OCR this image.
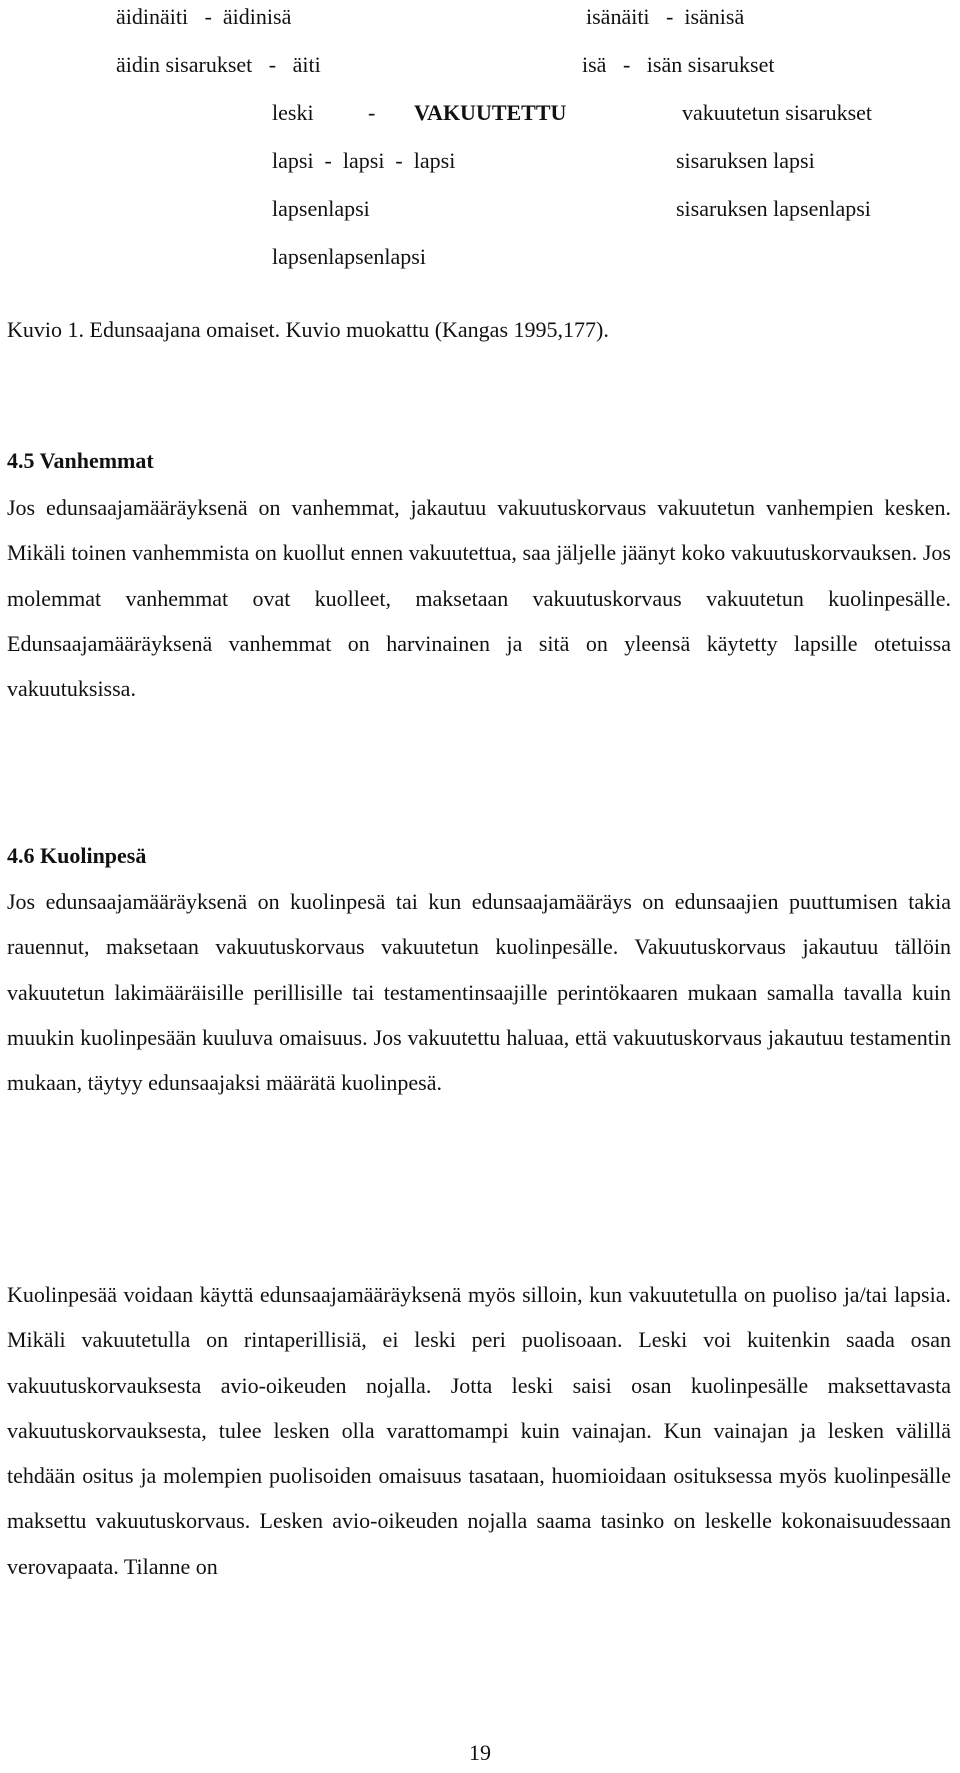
äidinäiti   -  äidinisä	isänäiti   -  isänisä
äidin sisarukset   -   äiti	isä   -   isän sisarukset
leski - VAKUUTETTU	vakuutetun sisarukset
lapsi  -  lapsi  -  lapsi	sisaruksen lapsi
lapsenlapsi	sisaruksen lapsenlapsi
lapsenlapsenlapsi
Kuvio 1. Edunsaajana omaiset. Kuvio muokattu (Kangas 1995,177).
4.5 Vanhemmat

Jos edunsaajamääräyksenä on vanhemmat, jakautuu vakuutuskorvaus vakuutetun vanhempien kesken. Mikäli toinen vanhemmista on kuollut ennen vakuutettua, saa jäljelle jäänyt koko vakuutuskorvauksen. Jos molemmat vanhemmat ovat kuolleet, maksetaan vakuutuskorvaus vakuutetun kuolinpesälle. Edunsaajamääräyksenä vanhemmat on harvinainen ja sitä on yleensä käytetty lapsille otetuissa vakuutuksissa.

4.6 Kuolinpesä

Jos edunsaajamääräyksenä on kuolinpesä tai kun edunsaajamääräys on edunsaajien puuttumisen takia rauennut, maksetaan vakuutuskorvaus vakuutetun kuolinpesälle. Vakuutuskorvaus jakautuu tällöin vakuutetun lakimääräisille perillisille tai testamentinsaajille perintökaaren mukaan samalla tavalla kuin muukin kuolinpesään kuuluva omaisuus. Jos vakuutettu haluaa, että vakuutuskorvaus jakautuu testamentin mukaan, täytyy edunsaajaksi määrätä kuolinpesä.

Kuolinpesää voidaan käyttä edunsaajamääräyksenä myös silloin, kun vakuutetulla on puoliso ja/tai lapsia. Mikäli vakuutetulla on rintaperillisiä, ei leski peri puolisoaan. Leski voi kuitenkin saada osan vakuutuskorvauksesta avio-oikeuden nojalla. Jotta leski saisi osan kuolinpesälle maksettavasta vakuutuskorvauksesta, tulee lesken olla varattomampi kuin vainajan. Kun vainajan ja lesken välillä tehdään ositus ja molempien puolisoiden omaisuus tasataan, huomioidaan osituksessa myös kuolinpesälle maksettu vakuutuskorvaus. Lesken avio-oikeuden nojalla saama tasinko on leskelle kokonaisuudessaan verovapaata. Tilanne on

19
